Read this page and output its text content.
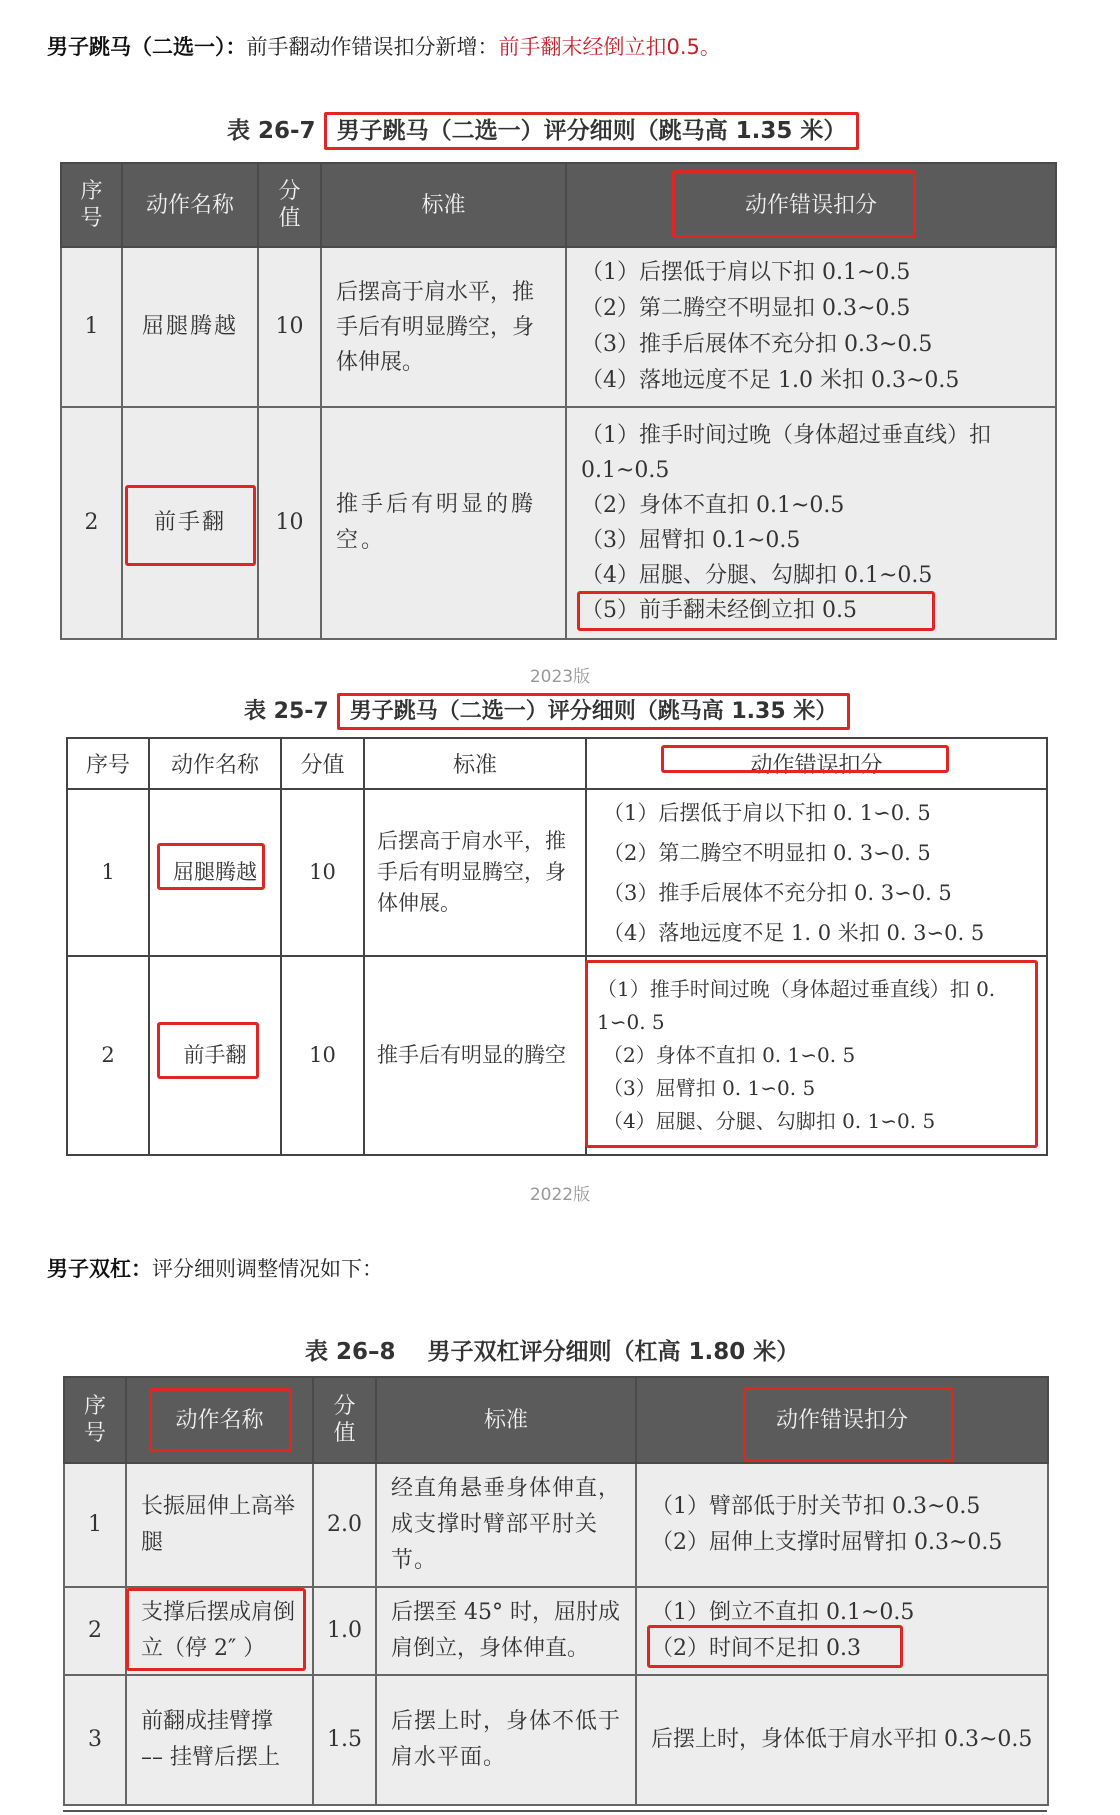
男子跳马（二选一）：前手翻动作错误扣分新增：前手翻末经倒立扣0.5。
表 26-7 男子跳马（二选一）评分细则（跳马高 1.35 米）
序号	动作名称	分值	标准	动作错误扣分
1	屈腿腾越	10	后摆高于肩水平，推手后有明显腾空，身体伸展。	（1）后摆低于肩以下扣 0.1~0.5
（2）第二腾空不明显扣 0.3~0.5
（3）推手后展体不充分扣 0.3~0.5
（4）落地远度不足 1.0 米扣 0.3~0.5

2	前手翻	10	推手后有明显的腾空。	（1）推手时间过晚（身体超过垂直线）扣 0.1~0.5
（2）身体不直扣 0.1~0.5
（3）屈臂扣 0.1~0.5
（4）屈腿、分腿、勾脚扣 0.1~0.5
（5）前手翻未经倒立扣 0.5
2023版
表 25-7 男子跳马（二选一）评分细则（跳马高 1.35 米）
序号	动作名称	分值	标准	动作错误扣分
1	屈腿腾越	10	后摆高于肩水平，推手后有明显腾空，身体伸展。	（1）后摆低于肩以下扣 0. 1∽0. 5
（2）第二腾空不明显扣 0. 3∽0. 5
（3）推手后展体不充分扣 0. 3∽0. 5
（4）落地远度不足 1. 0 米扣 0. 3∽0. 5

2	前手翻	10	推手后有明显的腾空	（1）推手时间过晚（身体超过垂直线）扣 0. 1∽0. 5
（2）身体不直扣 0. 1∽0. 5
（3）屈臂扣 0. 1∽0. 5
（4）屈腿、分腿、勾脚扣 0. 1∽0. 5
2022版
男子双杠：评分细则调整情况如下：
表 26–8    男子双杠评分细则（杠高 1.80 米）
序号	动作名称	分值	标准	动作错误扣分
1	长振屈伸上高举腿	2.0	经直角悬垂身体伸直，成支撑时臂部平肘关节。	（1）臂部低于肘关节扣 0.3~0.5
（2）屈伸上支撑时屈臂扣 0.3~0.5

2	支撑后摆成肩倒立（停 2″ ）	1.0	后摆至 45° 时，屈肘成肩倒立，身体伸直。	（1）倒立不直扣 0.1~0.5
（2）时间不足扣 0.3

3	前翻成挂臂撑 –– 挂臂后摆上	1.5	后摆上时，身体不低于肩水平面。	后摆上时，身体低于肩水平扣 0.3~0.5
